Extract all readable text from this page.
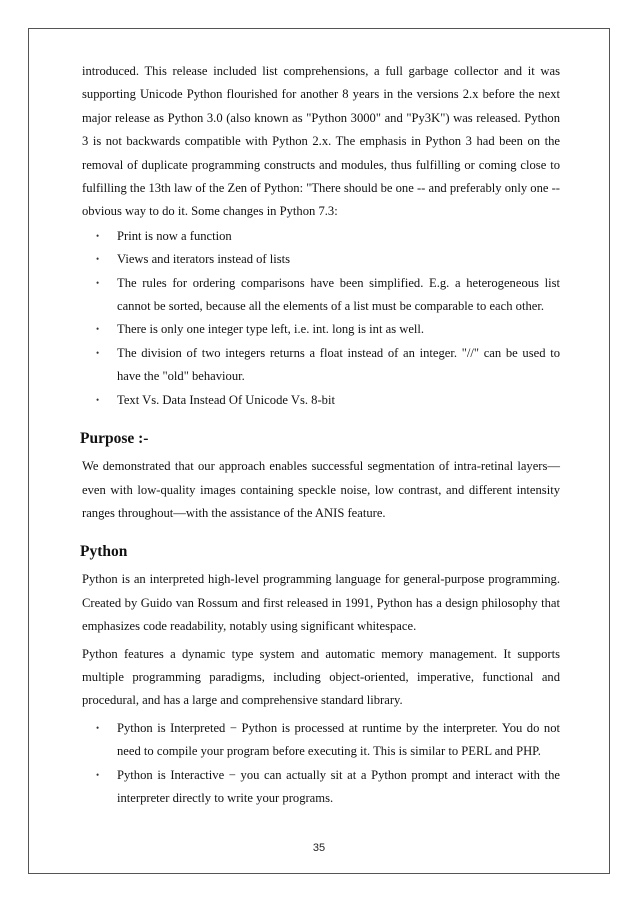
introduced. This release included list comprehensions, a full garbage collector and it was supporting Unicode Python flourished for another 8 years in the versions 2.x before the next major release as Python 3.0 (also known as "Python 3000" and "Py3K") was released. Python 3 is not backwards compatible with Python 2.x. The emphasis in Python 3 had been on the removal of duplicate programming constructs and modules, thus fulfilling or coming close to fulfilling the 13th law of the Zen of Python: "There should be one -- and preferably only one -- obvious way to do it. Some changes in Python 7.3:

• Print is now a function
• Views and iterators instead of lists
• The rules for ordering comparisons have been simplified. E.g. a heterogeneous list cannot be sorted, because all the elements of a list must be comparable to each other.
• There is only one integer type left, i.e. int. long is int as well.
• The division of two integers returns a float instead of an integer. "//" can be used to have the "old" behaviour.
• Text Vs. Data Instead Of Unicode Vs. 8-bit
Purpose :-

We demonstrated that our approach enables successful segmentation of intra-retinal layers—even with low-quality images containing speckle noise, low contrast, and different intensity ranges throughout—with the assistance of the ANIS feature.

Python

Python is an interpreted high-level programming language for general-purpose programming. Created by Guido van Rossum and first released in 1991, Python has a design philosophy that emphasizes code readability, notably using significant whitespace.

Python features a dynamic type system and automatic memory management. It supports multiple programming paradigms, including object-oriented, imperative, functional and procedural, and has a large and comprehensive standard library.

• Python is Interpreted − Python is processed at runtime by the interpreter. You do not need to compile your program before executing it. This is similar to PERL and PHP.
• Python is Interactive − you can actually sit at a Python prompt and interact with the interpreter directly to write your programs.
35
